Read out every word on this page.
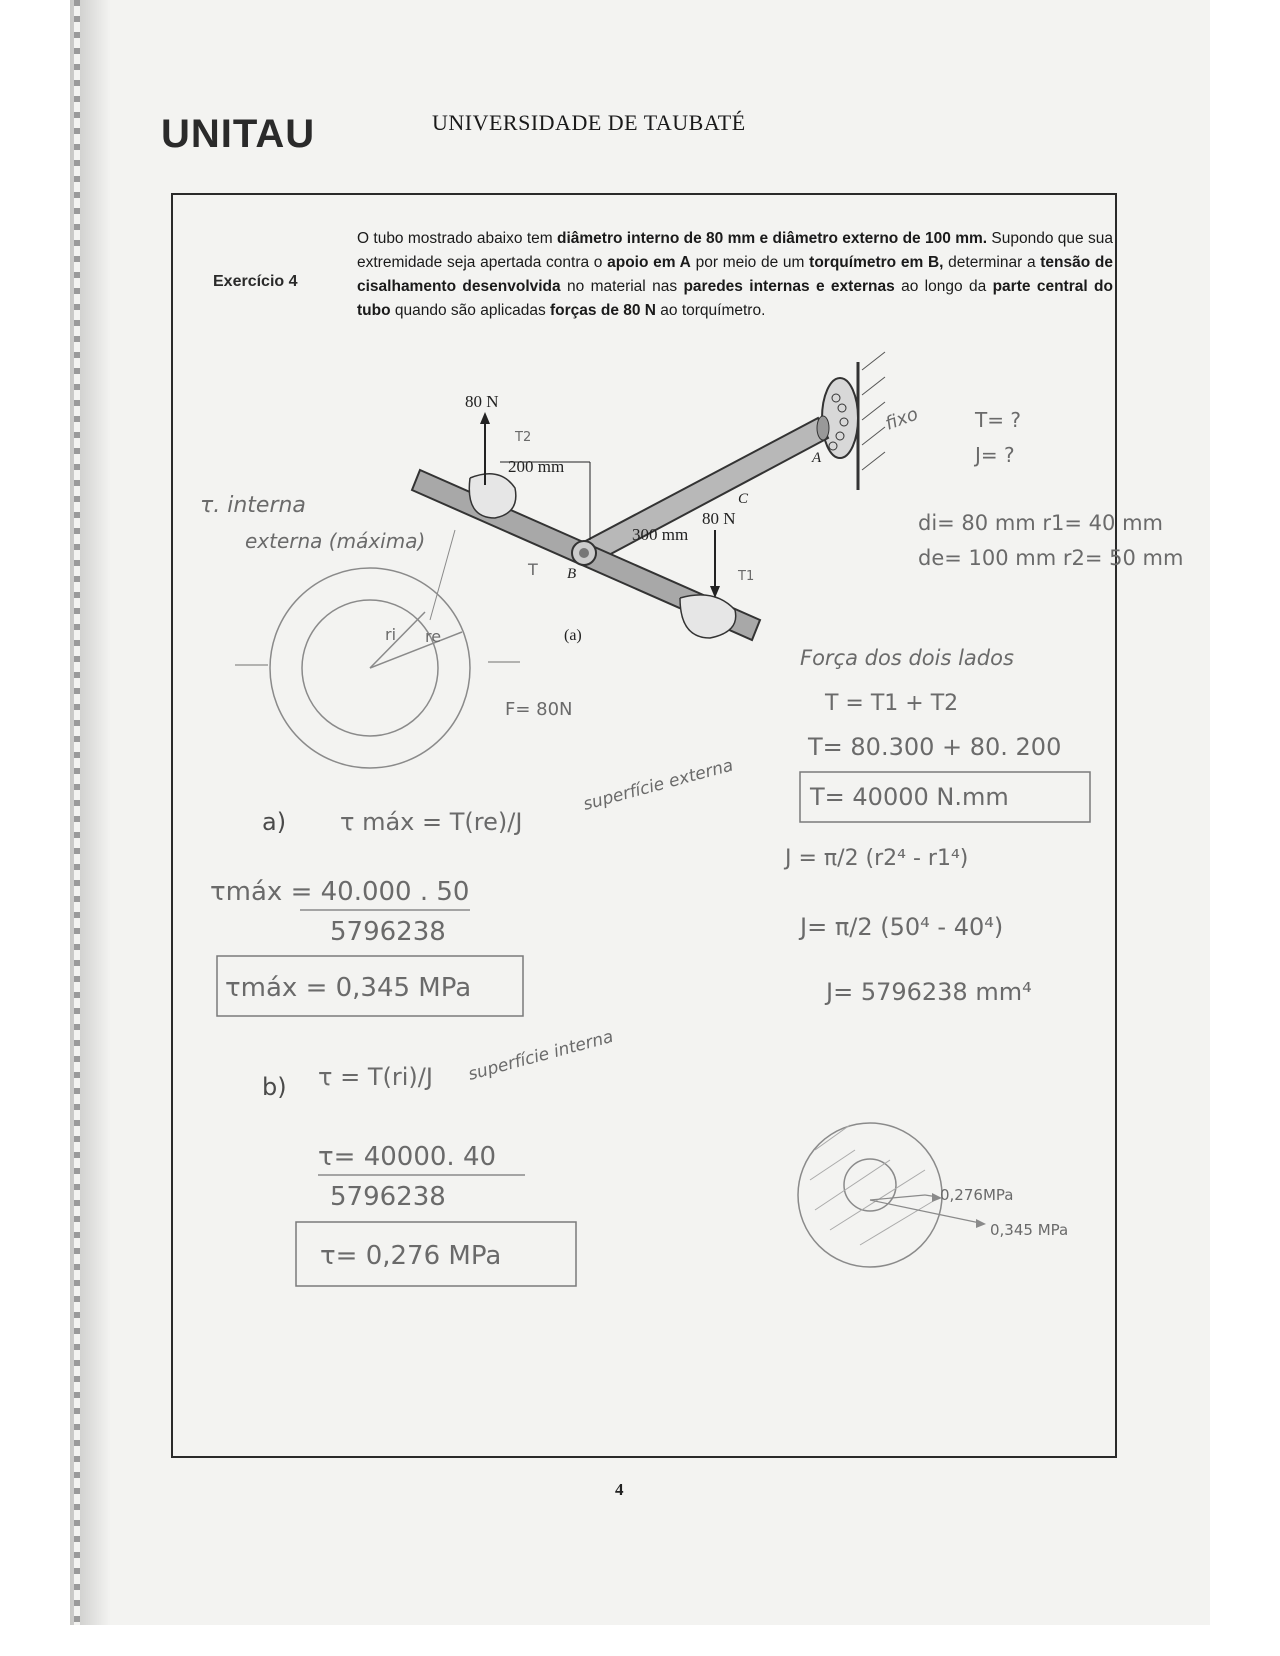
UNITAU	UNIVERSIDADE DE TAUBATÉ
Exercício 4
O tubo mostrado abaixo tem diâmetro interno de 80 mm e diâmetro externo de 100 mm. Supondo que sua extremidade seja apertada contra o apoio em A por meio de um torquímetro em B, determinar a tensão de cisalhamento desenvolvida no material nas paredes internas e externas ao longo da parte central do tubo quando são aplicadas forças de 80 N ao torquímetro.
80 N
200 mm
80 N
300 mm
A
B
C
(a)
T2
T1
T
fixo	T= ?
J= ?
di= 80 mm r1= 40 mm
de= 100 mm r2= 50 mm
τ. interna
externa (máxima)
ri re
F= 80N
Força dos dois lados
T = T1 + T2
T= 80.300 + 80. 200
T= 40000 N.mm
J = π/2 (r2⁴ - r1⁴)
J= π/2 (50⁴ - 40⁴)
J= 5796238 mm⁴
a) τ máx = T(re)/J
superfície externa
τmáx = 40.000 . 50
5796238
τmáx = 0,345 MPa
b) τ = T(ri)/J superfície interna
τ= 40000. 40
5796238
τ= 0,276 MPa
0,276MPa
0,345 MPa
4
